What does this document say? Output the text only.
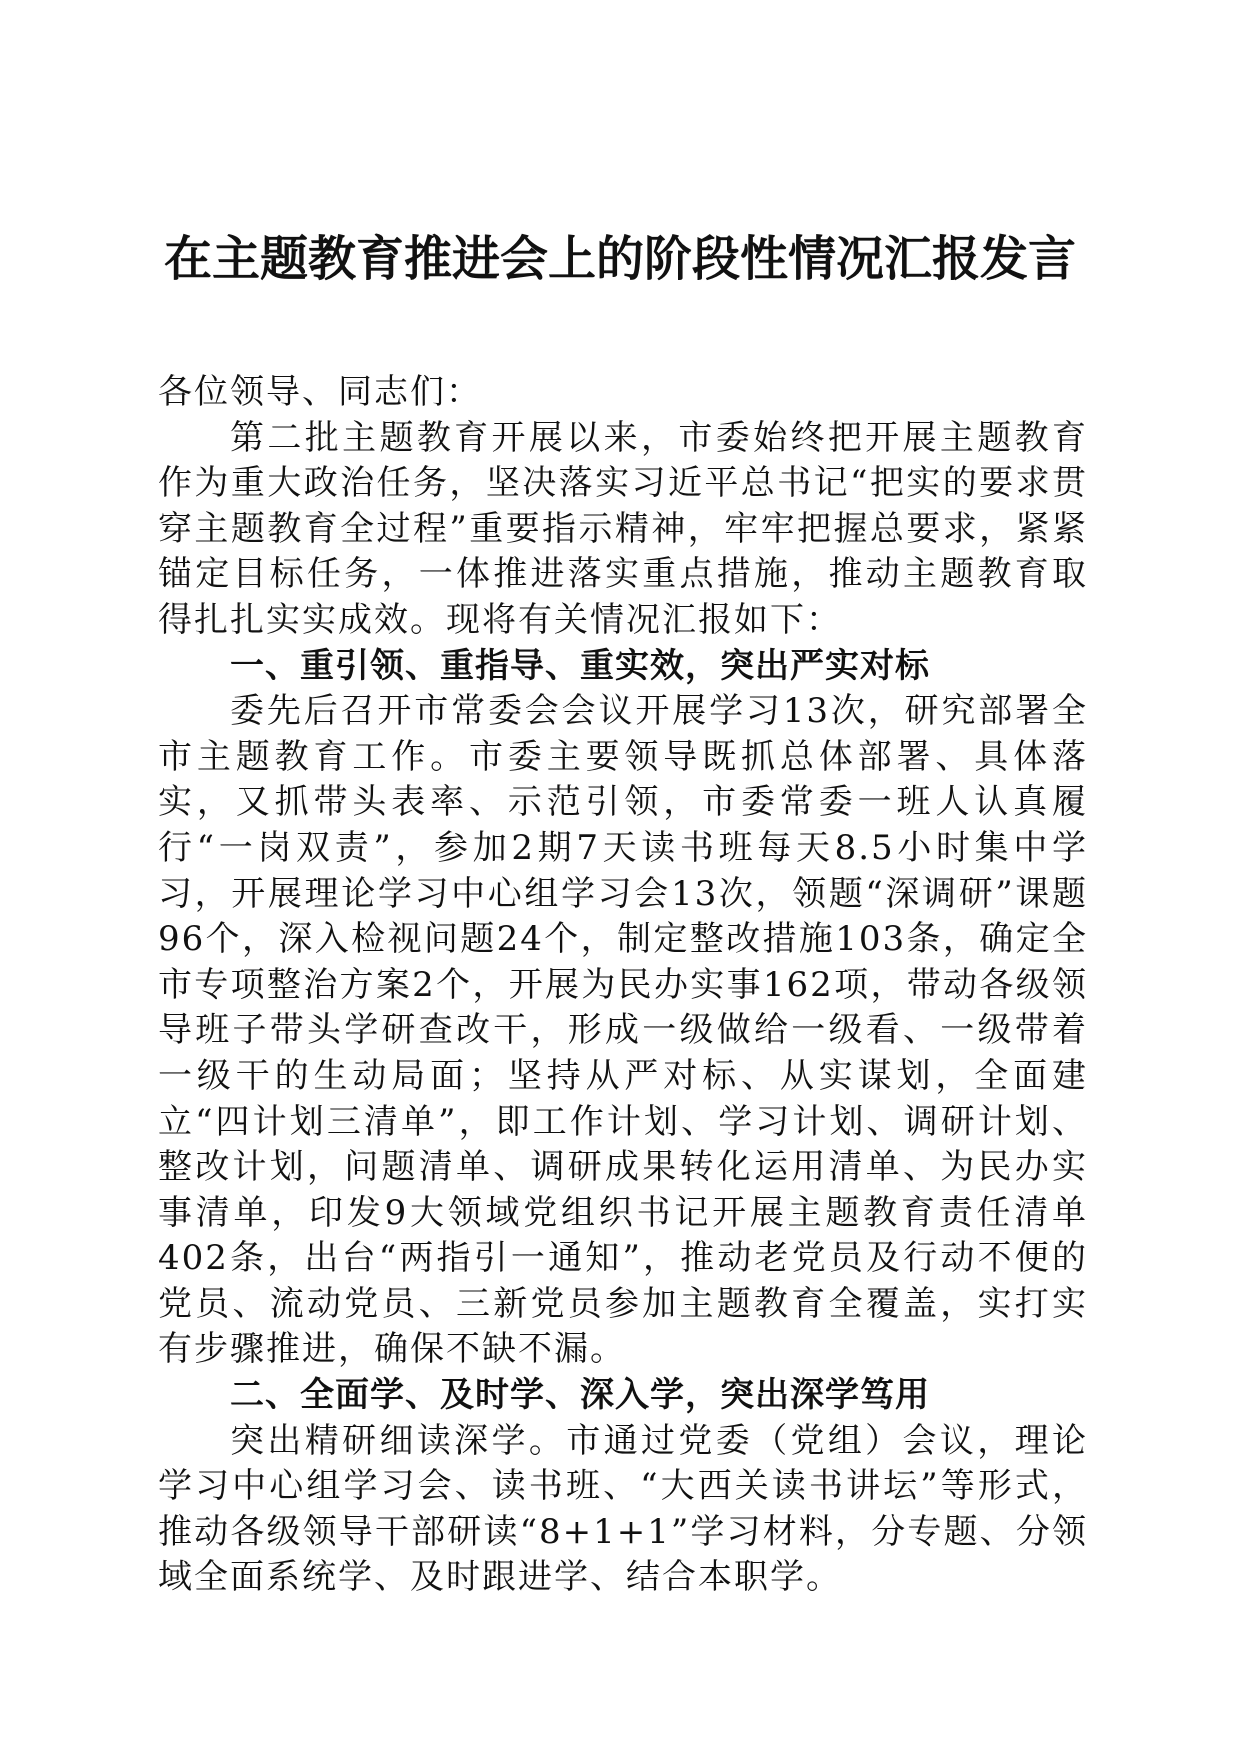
在主题教育推进会上的阶段性情况汇报发言

各位领导、同志们：

第二批主题教育开展以来，市委始终把开展主题教育作为重大政治任务，坚决落实习近平总书记“把实的要求贯穿主题教育全过程”重要指示精神，牢牢把握总要求，紧紧锚定目标任务，一体推进落实重点措施，推动主题教育取得扎扎实实成效。现将有关情况汇报如下：

一、重引领、重指导、重实效，突出严实对标

委先后召开市常委会会议开展学习13次，研究部署全市主题教育工作。市委主要领导既抓总体部署、具体落实，又抓带头表率、示范引领，市委常委一班人认真履行“一岗双责”，参加2期7天读书班每天8.5小时集中学习，开展理论学习中心组学习会13次，领题“深调研”课题96个，深入检视问题24个，制定整改措施103条，确定全市专项整治方案2个，开展为民办实事162项，带动各级领导班子带头学研查改干，形成一级做给一级看、一级带着一级干的生动局面；坚持从严对标、从实谋划，全面建立“四计划三清单”，即工作计划、学习计划、调研计划、整改计划，问题清单、调研成果转化运用清单、为民办实事清单，印发9大领域党组织书记开展主题教育责任清单402条，出台“两指引一通知”，推动老党员及行动不便的党员、流动党员、三新党员参加主题教育全覆盖，实打实有步骤推进，确保不缺不漏。

二、全面学、及时学、深入学，突出深学笃用

突出精研细读深学。市通过党委（党组）会议，理论学习中心组学习会、读书班、“大西关读书讲坛”等形式，推动各级领导干部研读“8+1+1”学习材料，分专题、分领域全面系统学、及时跟进学、结合本职学。
